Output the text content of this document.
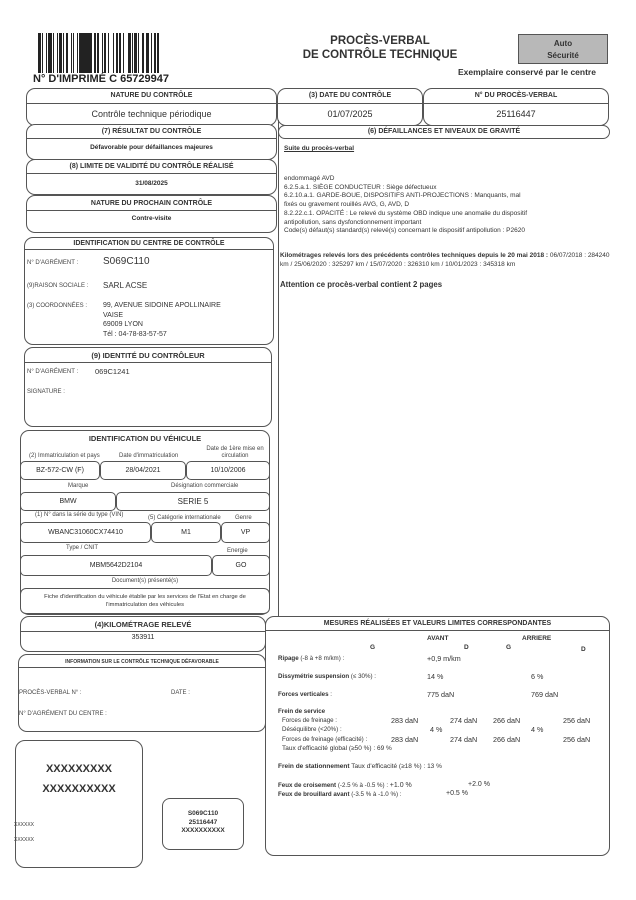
N° D'IMPRIMÉ C 65729947
PROCÈS-VERBAL
DE CONTRÔLE TECHNIQUE
Auto
Sécurité
Exemplaire conservé par le centre
NATURE DU CONTRÔLE
Contrôle technique périodique
(3) DATE DU CONTRÔLE
01/07/2025
N° DU PROCÈS-VERBAL
25116447
(7) RÉSULTAT DU CONTRÔLE
Défavorable pour défaillances majeures
(8) LIMITE DE VALIDITÉ DU CONTRÔLE RÉALISÉ
31/08/2025
NATURE DU PROCHAIN CONTRÔLE
Contre-visite
IDENTIFICATION DU CENTRE DE CONTRÔLE
N° D'AGRÉMENT : S069C110
(9)RAISON SOCIALE : SARL ACSE
(3) COORDONNÉES : 99, AVENUE SIDOINE APOLLINAIRE
VAISE
69009 LYON
Tél : 04-78-83-57-57
(9) IDENTITÉ DU CONTRÔLEUR
N° D'AGRÉMENT : 069C1241
SIGNATURE :
IDENTIFICATION DU VÉHICULE
(2) Immatriculation et pays	Date d'immatriculation
Date de 1ère mise en circulation
BZ-572-CW (F)	28/04/2021	10/10/2006
Marque	Désignation commerciale
BMW	SERIE 5
(1) N° dans la série du type (VIN)	(5) Catégorie internationale Genre
WBANC31060CX74410	M1	VP
Type / CNIT	Energie
MBM5642D2104	GO
Document(s) présenté(s)
Fiche d'identification du véhicule établie par les services de l'Etat en charge de l'immatriculation des véhicules
(4)KILOMÉTRAGE RELEVÉ
353911
INFORMATION SUR LE CONTRÔLE TECHNIQUE DÉFAVORABLE
PROCÈS-VERBAL N° :	DATE :
N° D'AGRÉMENT DU CENTRE :
XXXXXXXXX
XXXXXXXXXX
XXXXXX
XXXXXX
S069C110
25116447
XXXXXXXXXX
(6) DÉFAILLANCES ET NIVEAUX DE GRAVITÉ
Suite du procès-verbal
endommagé AVD
6.2.5.a.1. SIÈGE CONDUCTEUR : Siège défectueux
6.2.10.a.1. GARDE-BOUE, DISPOSITIFS ANTI-PROJECTIONS : Manquants, mal
fixés ou gravement rouillés AVG, G, AVD, D
8.2.22.c.1. OPACITÉ : Le relevé du système OBD indique une anomalie du dispositif
antipollution, sans dysfonctionnement important
Code(s) défaut(s) standard(s) relevé(s) concernant le dispositif antipollution : P2620
Kilométrages relevés lors des précédents contrôles techniques depuis le 20 mai 2018 : 06/07/2018 : 284240 km / 25/06/2020 : 325297 km / 15/07/2020 : 326310 km / 10/01/2023 : 345318 km
Attention ce procès-verbal contient 2 pages
MESURES RÉALISÉES ET VALEURS LIMITES CORRESPONDANTES
AVANT	ARRIERE
G	D	G	D
Ripage (-8 à +8 m/km) :	+0,9 m/km
Dissymétrie suspension (≤ 30%) :	14 %	6 %
Forces verticales :	775 daN	769 daN
Frein de service
Forces de freinage :	283 daN	274 daN 266 daN	256 daN
Déséquilibre (<20%) :	4 %	4 %
Forces de freinage (efficacité) :	283 daN	274 daN 266 daN	256 daN
Taux d'efficacité global (≥50 %) : 69 %
Frein de stationnement Taux d'efficacité (≥18 %) : 13 %
Feux de croisement (-2.5 % à -0.5 %) : +1.0 %	+2.0 %
Feux de brouillard avant (-3.5 % à -1.0 %) :	+0.5 %
